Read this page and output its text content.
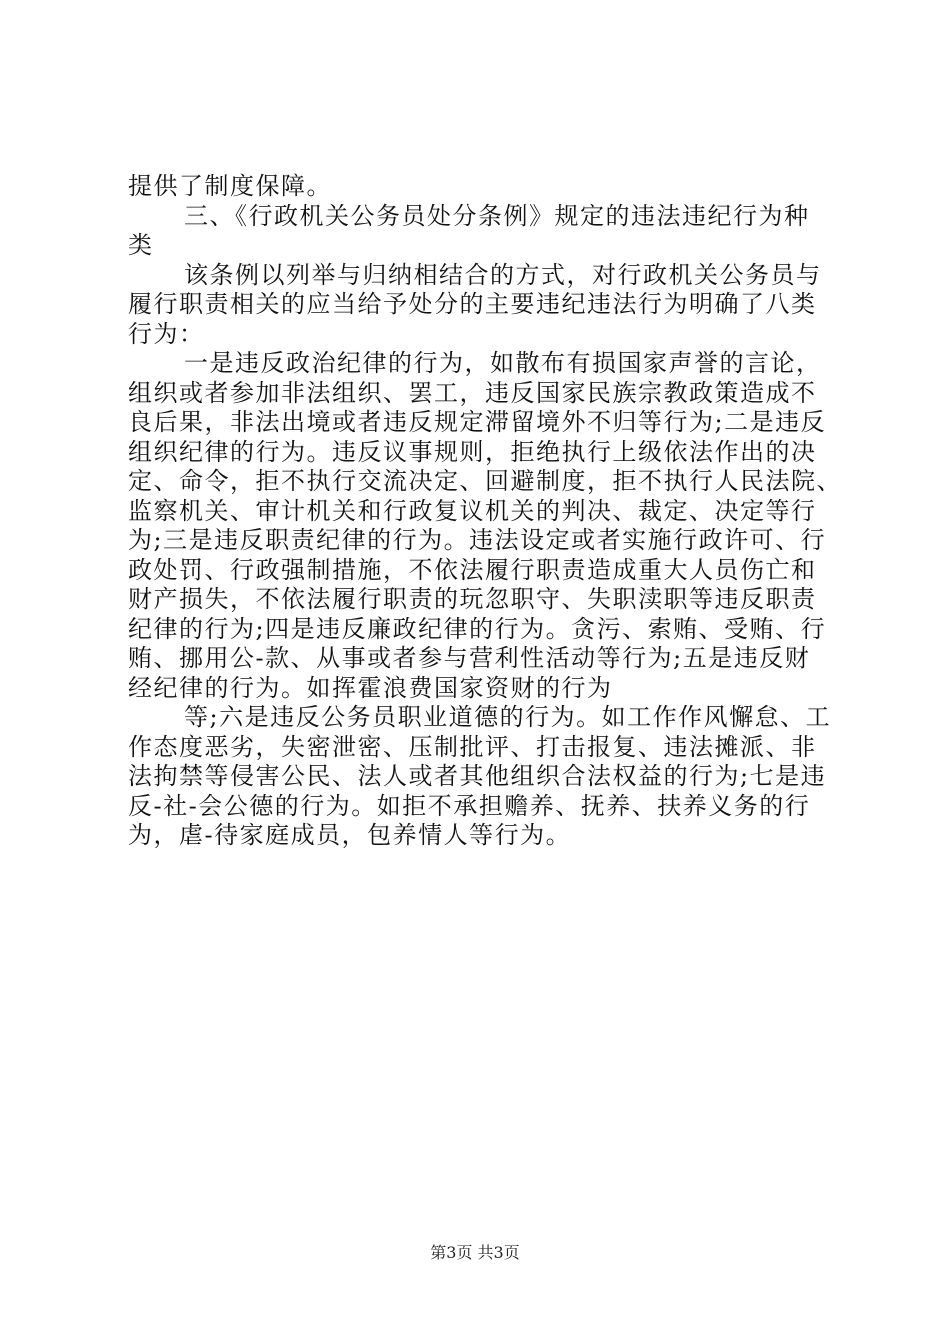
提供了制度保障。
三、《行政机关公务员处分条例》规定的违法违纪行为种
类
该条例以列举与归纳相结合的方式，对行政机关公务员与
履行职责相关的应当给予处分的主要违纪违法行为明确了八类
行为：
一是违反政治纪律的行为，如散布有损国家声誉的言论，
组织或者参加非法组织、罢工，违反国家民族宗教政策造成不
良后果，非法出境或者违反规定滞留境外不归等行为;二是违反
组织纪律的行为。违反议事规则，拒绝执行上级依法作出的决
定、命令，拒不执行交流决定、回避制度，拒不执行人民法院、
监察机关、审计机关和行政复议机关的判决、裁定、决定等行
为;三是违反职责纪律的行为。违法设定或者实施行政许可、行
政处罚、行政强制措施，不依法履行职责造成重大人员伤亡和
财产损失，不依法履行职责的玩忽职守、失职渎职等违反职责
纪律的行为;四是违反廉政纪律的行为。贪污、索贿、受贿、行
贿、挪用公-款、从事或者参与营利性活动等行为;五是违反财
经纪律的行为。如挥霍浪费国家资财的行为
等;六是违反公务员职业道德的行为。如工作作风懈怠、工
作态度恶劣，失密泄密、压制批评、打击报复、违法摊派、非
法拘禁等侵害公民、法人或者其他组织合法权益的行为;七是违
反-社-会公德的行为。如拒不承担赡养、抚养、扶养义务的行
为，虐-待家庭成员，包养情人等行为。
第3页 共3页
